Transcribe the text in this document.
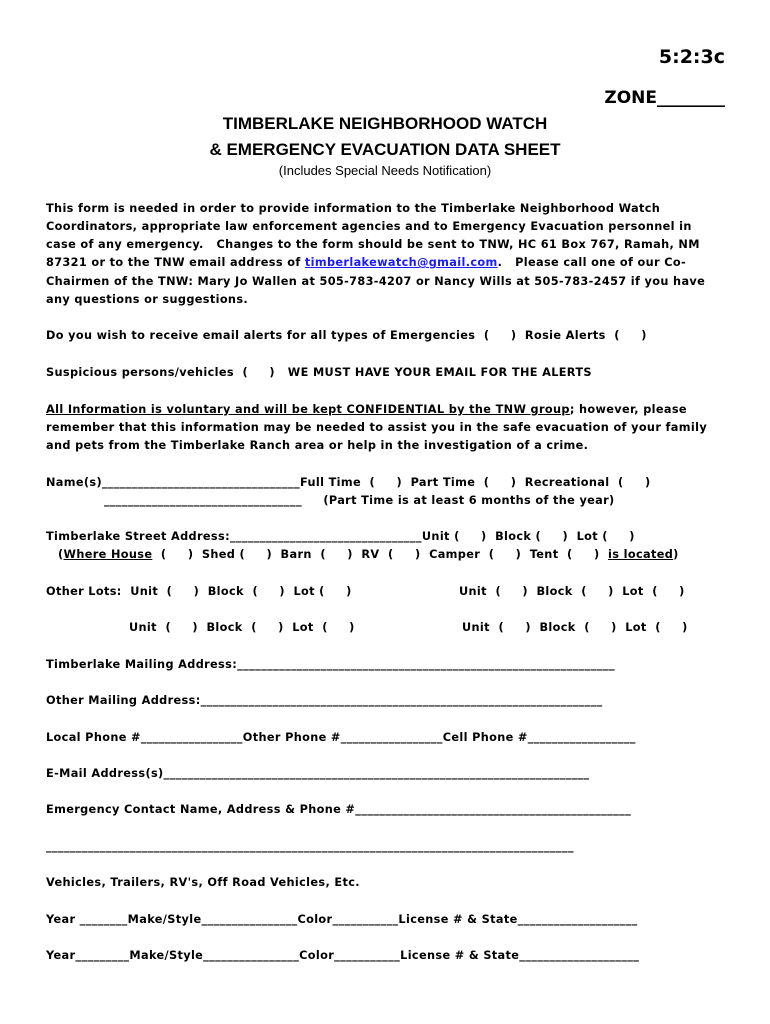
5:2:3c
ZONE________
TIMBERLAKE NEIGHBORHOOD WATCH
& EMERGENCY EVACUATION DATA SHEET
(Includes Special Needs Notification)
This form is needed in order to provide information to the Timberlake Neighborhood Watch
Coordinators, appropriate law enforcement agencies and to Emergency Evacuation personnel in
case of any emergency.   Changes to the form should be sent to TNW, HC 61 Box 767, Ramah, NM
87321 or to the TNW email address of timberlakewatch@gmail.com.   Please call one of our Co-
Chairmen of the TNW: Mary Jo Wallen at 505-783-4207 or Nancy Wills at 505-783-2457 if you have
any questions or suggestions.
Do you wish to receive email alerts for all types of Emergencies  (     )  Rosie Alerts  (     )
Suspicious persons/vehicles  (     )   WE MUST HAVE YOUR EMAIL FOR THE ALERTS
All Information is voluntary and will be kept CONFIDENTIAL by the TNW group; however, please
remember that this information may be needed to assist you in the safe evacuation of your family
and pets from the Timberlake Ranch area or help in the investigation of a crime.
Name(s)_________________________________Full Time  (     )  Part Time  (     )  Recreational  (     )
_________________________________     (Part Time is at least 6 months of the year)
Timberlake Street Address:________________________________Unit (     )  Block (     )  Lot (     )
(Where House  (     )  Shed (     )  Barn  (     )  RV  (     )  Camper  (     )  Tent  (     )  is located)
Other Lots:  Unit  (     )  Block  (     )  Lot (     )	Unit  (     )  Block  (     )  Lot  (     )
Unit  (     )  Block  (     )  Lot  (     )	Unit  (     )  Block  (     )  Lot  (     )
Timberlake Mailing Address:_______________________________________________________________
Other Mailing Address:___________________________________________________________________
Local Phone #_________________Other Phone #_________________Cell Phone #__________________
E-Mail Address(s)_______________________________________________________________________
Emergency Contact Name, Address & Phone #______________________________________________
________________________________________________________________________________________
Vehicles, Trailers, RV's, Off Road Vehicles, Etc.
Year ________Make/Style________________Color___________License # & State____________________
Year_________Make/Style________________Color___________License # & State____________________
